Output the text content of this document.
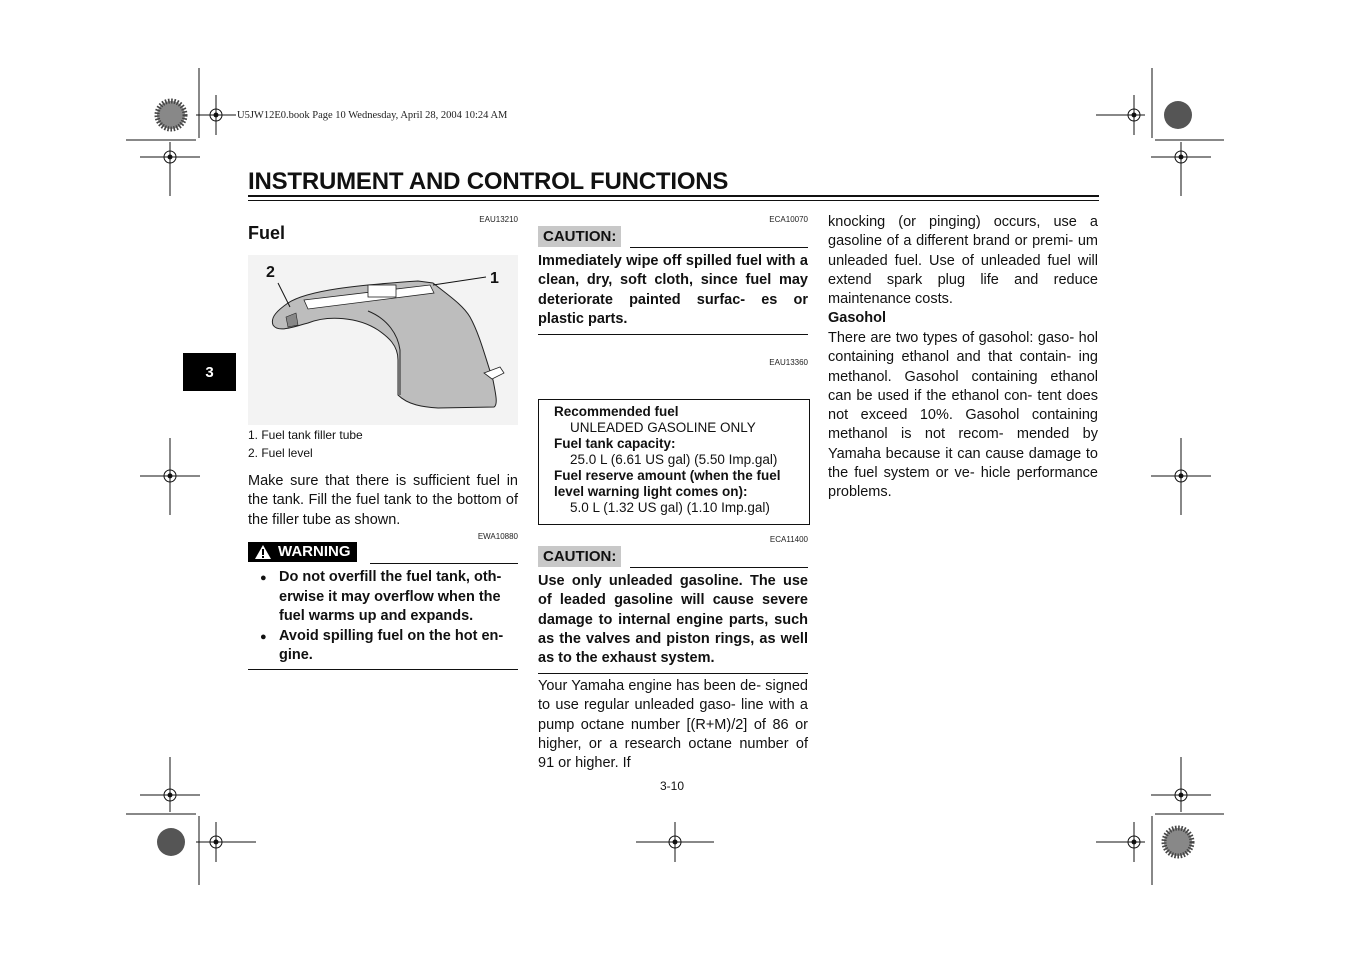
U5JW12E0.book Page 10 Wednesday, April 28, 2004 10:24 AM
INSTRUMENT AND CONTROL FUNCTIONS
3
EAU13210
Fuel
2	1
1. Fuel tank filler tube
2. Fuel level
Make sure that there is sufficient fuel in the tank. Fill the fuel tank to the bottom of the filler tube as shown.
EWA10880
WARNING
● Do not overfill the fuel tank, oth- erwise it may overflow when the fuel warms up and expands.
● Avoid spilling fuel on the hot en- gine.
ECA10070
CAUTION:
Immediately wipe off spilled fuel with a clean, dry, soft cloth, since fuel may deteriorate painted surfac- es or plastic parts.
EAU13360
Recommended fuel
UNLEADED GASOLINE ONLY
Fuel tank capacity:
25.0 L (6.61 US gal) (5.50 Imp.gal)
Fuel reserve amount (when the fuel
level warning light comes on):
5.0 L (1.32 US gal) (1.10 Imp.gal)
ECA11400
CAUTION:
Use only unleaded gasoline. The use of leaded gasoline will cause severe damage to internal engine parts, such as the valves and piston rings, as well as to the exhaust system.
Your Yamaha engine has been de- signed to use regular unleaded gaso- line with a pump octane number [(R+M)/2] of 86 or higher, or a research octane number of 91 or higher. If
3-10
knocking (or pinging) occurs, use a gasoline of a different brand or premi- um unleaded fuel. Use of unleaded fuel will extend spark plug life and reduce maintenance costs.
Gasohol
There are two types of gasohol: gaso- hol containing ethanol and that contain- ing methanol. Gasohol containing ethanol can be used if the ethanol con- tent does not exceed 10%. Gasohol containing methanol is not recom- mended by Yamaha because it can cause damage to the fuel system or ve- hicle performance problems.
